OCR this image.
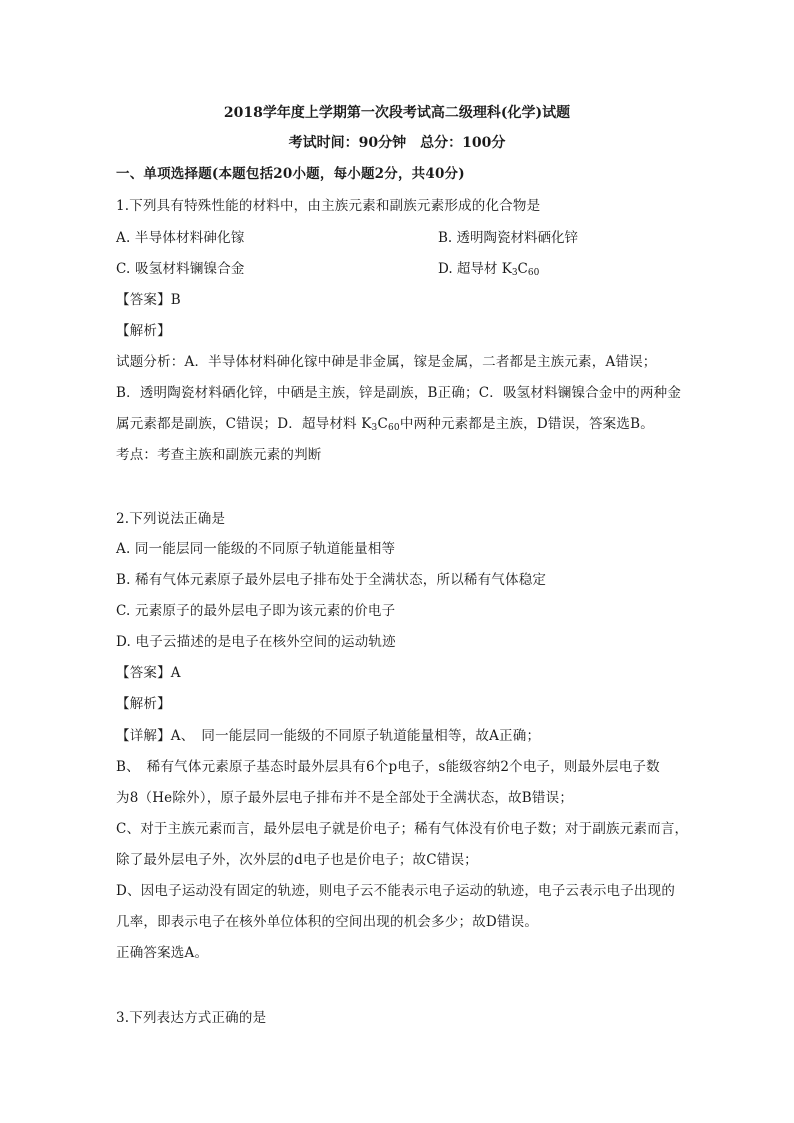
2018学年度上学期第一次段考试高二级理科(化学)试题
考试时间：90分钟　总分：100分
一、单项选择题(本题包括20小题，每小题2分，共40分)
1.下列具有特殊性能的材料中，由主族元素和副族元素形成的化合物是
A. 半导体材料砷化镓	B. 透明陶瓷材料硒化锌
C. 吸氢材料镧镍合金	D. 超导材 $K_3C_{60}$
【答案】B
【解析】
试题分析：A．半导体材料砷化镓中砷是非金属，镓是金属，二者都是主族元素，A错误；
B．透明陶瓷材料硒化锌，中硒是主族，锌是副族，B正确；C．吸氢材料镧镍合金中的两种金
属元素都是副族，C错误；D．超导材料 $K_3C_{60}$中两种元素都是主族，D错误，答案选B。
考点：考查主族和副族元素的判断
2.下列说法正确是
A. 同一能层同一能级的不同原子轨道能量相等
B. 稀有气体元素原子最外层电子排布处于全满状态，所以稀有气体稳定
C. 元素原子的最外层电子即为该元素的价电子
D. 电子云描述的是电子在核外空间的运动轨迹
【答案】A
【解析】
【详解】A、　同一能层同一能级的不同原子轨道能量相等，故A正确；
B、　稀有气体元素原子基态时最外层具有6个p电子，s能级容纳2个电子，则最外层电子数
为8（He除外），原子最外层电子排布并不是全部处于全满状态，故B错误；
C、对于主族元素而言，最外层电子就是价电子；稀有气体没有价电子数；对于副族元素而言，
除了最外层电子外，次外层的d电子也是价电子；故C错误；
D、因电子运动没有固定的轨迹，则电子云不能表示电子运动的轨迹，电子云表示电子出现的
几率，即表示电子在核外单位体积的空间出现的机会多少；故D错误。
正确答案选A。
3.下列表达方式正确的是
